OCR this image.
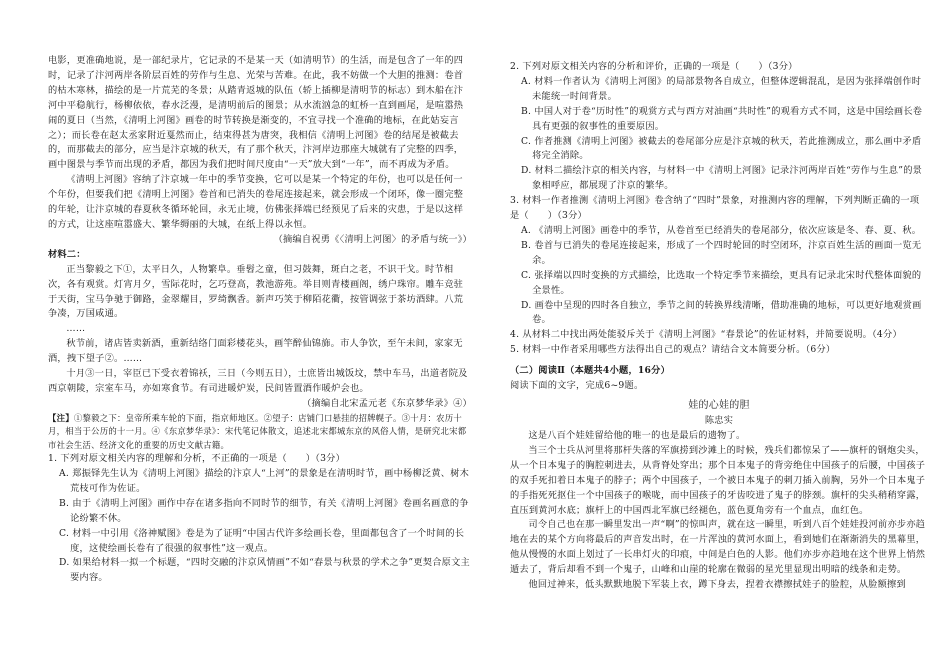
电影，更准确地说，是一部纪录片，它记录的不是某一天（如清明节）的生活，而是包含了一年的四时，记录了汴河两岸各阶层百姓的劳作与生息、光荣与苦难。在此，我不妨做一个大胆的推测：卷首的枯木寒林，描绘的是一片荒芜的冬景；从踏青返城的队伍（轿上插柳是清明节的标志）到木船在汴河中平稳航行，杨柳依依，春水泛漫，是清明前后的图景；从水流汹急的虹桥一直到画尾，是喧嚣热闹的夏日（当然，《清明上河图》画卷的时节转换是渐变的，不宜寻找一个准确的地标，在此姑妄言之）；而长卷在赵太丞家附近戛然而止，结束得甚为唐突，我相信《清明上河图》卷的结尾是被截去的，而那截去的部分，应当是汴京城的秋天，有了那个秋天，汴河岸边那座大城就有了完整的四季，画中图景与季节而出现的矛盾，都因为我们把时间尺度由“一天”放大到“一年”，而不再成为矛盾。

《清明上河图》容纳了汴京城一年中的季节变换，它可以是某一个特定的年份，也可以是任何一个年份，但要我们把《清明上河图》卷首和已消失的卷尾连接起来，就会形成一个闭环，像一圈完整的年轮，让汴京城的春夏秋冬循环轮回，永无止境，仿佛张择端已经预见了后来的灾患，于是以这样的方式，让这座喧嚣盛大、繁华缛丽的大城，在纸上得以永恒。

（摘编自祝勇《〈清明上河图〉的矛盾与统一》）

材料二：

正当黎毅之下①，太平日久，人物繁阜。垂髫之童，但习鼓舞，斑白之老，不识干戈。时节相次，各有观赏。灯宵月夕，雪际花时，乞巧登高，教池游苑。举目则青楼画阁，绣户珠帘。雕车竞驻于天街，宝马争驰于御路，金翠耀目，罗绮飘香。新声巧笑于柳陌花衢，按管调弦于茶坊酒肆。八荒争凑，万国咸通。

……

秋节前，诸店皆卖新酒，重新结络门面彩楼花头，画竿醉仙锦旆。市人争饮，至午未间，家家无酒，拽下望子②。……

十月③一日，宰臣已下受衣着锦袄，三日（今则五日），士庶皆出城饭坟，禁中车马，出道者院及西京朝陵，宗室车马，亦如寒食节。有司进暖炉炭，民间皆置酒作暖炉会也。

（摘编自北宋孟元老《东京梦华录》④）

【注】①黎毅之下：皇帝所乘车轮的下面，指京师地区。②望子：店铺门口悬挂的招牌幌子。③十月：农历十月，相当于公历的十一月。④《东京梦华录》：宋代笔记体散文，追述北宋都城东京的风俗人情，是研究北宋都市社会生活、经济文化的重要的历史文献古籍。

1. 下列对原文相关内容的理解和分析，不正确的一项是（　　）（3分）

A. 郑振铎先生认为《清明上河图》描绘的汴京人“上河”的景象是在清明时节，画中杨柳泛黄、树木荒枝可作为佐证。

B. 由于《清明上河图》画作中存在诸多指向不同时节的细节，有关《清明上河图》卷画名画意的争论纷繁不休。

C. 材料一中引用《洛神赋图》卷是为了证明“中国古代许多绘画长卷，里面都包含了一个时间的长度，这使绘画长卷有了很强的叙事性”这一观点。

D. 如果给材料一拟一个标题，“四时交融的汴京风情画”不如“春景与秋景的学术之争”更契合原文主要内容。

2. 下列对原文相关内容的分析和评价，正确的一项是（　　）（3分）

A. 材料一作者认为《清明上河图》的局部景物各自成立，但整体逻辑混乱，是因为张择端创作时未能统一时间背景。

B. 中国人对于卷“历时性”的观赏方式与西方对油画“共时性”的观看方式不同，这是中国绘画长卷具有更强的叙事性的重要原因。

C. 作者推测《清明上河图》被截去的卷尾部分应是汴京城的秋天，若此推测成立，那么画中矛盾将完全消除。

D. 材料二描绘汴京的相关内容，与材料一中《清明上河图》记录汴河两岸百姓“劳作与生息”的景象相呼应，都展现了汴京的繁华。

3. 材料一作者推测《清明上河图》卷含纳了“四时”景象，对推测内容的理解，下列判断正确的一项是（　　）（3分）

A. 《清明上河图》画卷中的季节，从卷首至已经消失的卷尾部分，依次应该是冬、春、夏、秋。

B. 卷首与已消失的卷尾连接起来，形成了一个四时轮回的时空闭环，汴京百姓生活的画面一览无余。

C. 张择端以四时变换的方式描绘，比选取一个特定季节来描绘，更具有记录北宋时代整体面貌的全景性。

D. 画卷中呈现的四时各自独立，季节之间的转换界线清晰，借助准确的地标，可以更好地观赏画卷。

4. 从材料二中找出两处能驳斥关于《清明上河图》“春景论”的佐证材料，并简要说明。（4分）

5. 材料一中作者采用哪些方法得出自己的观点？请结合文本简要分析。（6分）

（二）阅读Ⅱ（本题共4小题，16分）

阅读下面的文字，完成6~9题。

娃的心娃的胆

陈忠实

这是八百个娃娃留给他的唯一的也是最后的遗物了。

当三个士兵从河里将那杆失落的军旗捞到沙滩上的时候，残兵们都惊呆了——旗杆的钢炮尖头，从一个日本鬼子的胸腔刺进去，从背脊处穿出；那个日本鬼子的背旁绝住中国孩子的后腰，中国孩子的双手死扣着日本鬼子的脖子；两个中国孩子，一个被日本鬼子的刺刀插入前胸，另外一个日本鬼子的手指死死抠住一个中国孩子的喉咙，而中国孩子的牙齿咬进了鬼子的脖颈。旗杆的尖头稍稍穿露，直压到黄河水底；旗杆上的中国西北军旗已经褪色，蓝色夏角旁有一个血点，血红色。

司令自己也在那一瞬里发出一声“啊”的惊叫声，就在这一瞬里，听到八百个娃娃投河前亦步亦趋地在去的某个方向将最后的声音发出时，在一片浑浊的黄河水面上，看到她们在渐渐消失的黑幕里，他从慢慢的水面上划过了一长串灯火的印痕，中间是白色的人影。他们亦步亦趋地在这个世界上悄然遁去了，背后却看不到一个鬼子，山峰和山崖的轮廓在微弱的星光里显现出明暗的线条和走势。

他回过神来，低头默默地脱下军装上衣，蹲下身去，捏着衣襟擦拭娃子的脸腔，从脸额擦到
